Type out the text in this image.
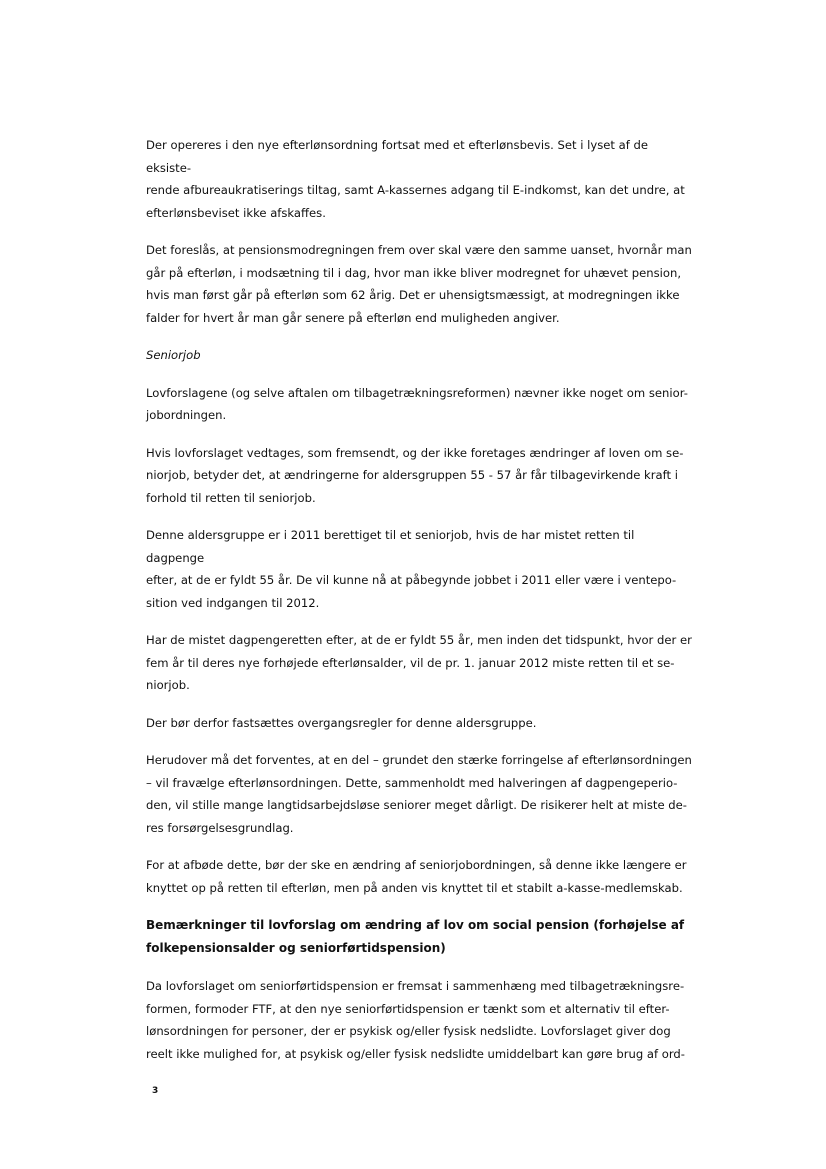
Der opereres i den nye efterlønsordning fortsat med et efterlønsbevis. Set i lyset af de eksiste-
rende afbureaukratiserings tiltag, samt A-kassernes adgang til E-indkomst, kan det undre, at
efterlønsbeviset ikke afskaffes.

Det foreslås, at pensionsmodregningen frem over skal være den samme uanset, hvornår man
går på efterløn, i modsætning til i dag, hvor man ikke bliver modregnet for uhævet pension,
hvis man først går på efterløn som 62 årig. Det er uhensigtsmæssigt, at modregningen ikke
falder for hvert år man går senere på efterløn end muligheden angiver.

Seniorjob

Lovforslagene (og selve aftalen om tilbagetrækningsreformen) nævner ikke noget om senior-
jobordningen.

Hvis lovforslaget vedtages, som fremsendt, og der ikke foretages ændringer af loven om se-
niorjob, betyder det, at ændringerne for aldersgruppen 55 - 57 år får tilbagevirkende kraft i
forhold til retten til seniorjob.

Denne aldersgruppe er i 2011 berettiget til et seniorjob, hvis de har mistet retten til dagpenge
efter, at de er fyldt 55 år. De vil kunne nå at påbegynde jobbet i 2011 eller være i ventepo-
sition ved indgangen til 2012.

Har de mistet dagpengeretten efter, at de er fyldt 55 år, men inden det tidspunkt, hvor der er
fem år til deres nye forhøjede efterlønsalder, vil de pr. 1. januar 2012 miste retten til et se-
niorjob.

Der bør derfor fastsættes overgangsregler for denne aldersgruppe.

Herudover må det forventes, at en del – grundet den stærke forringelse af efterlønsordningen
– vil fravælge efterlønsordningen. Dette, sammenholdt med halveringen af dagpengeperio-
den, vil stille mange langtidsarbejdsløse seniorer meget dårligt. De risikerer helt at miste de-
res forsørgelsesgrundlag.

For at afbøde dette, bør der ske en ændring af seniorjobordningen, så denne ikke længere er
knyttet op på retten til efterløn, men på anden vis knyttet til et stabilt a-kasse-medlemskab.

Bemærkninger til lovforslag om ændring af lov om social pension (forhøjelse af
folkepensionsalder og seniorførtidspension)

Da lovforslaget om seniorførtidspension er fremsat i sammenhæng med tilbagetrækningsre-
formen, formoder FTF, at den nye seniorførtidspension er tænkt som et alternativ til efter-
lønsordningen for personer, der er psykisk og/eller fysisk nedslidte. Lovforslaget giver dog
reelt ikke mulighed for, at psykisk og/eller fysisk nedslidte umiddelbart kan gøre brug af ord-

3
